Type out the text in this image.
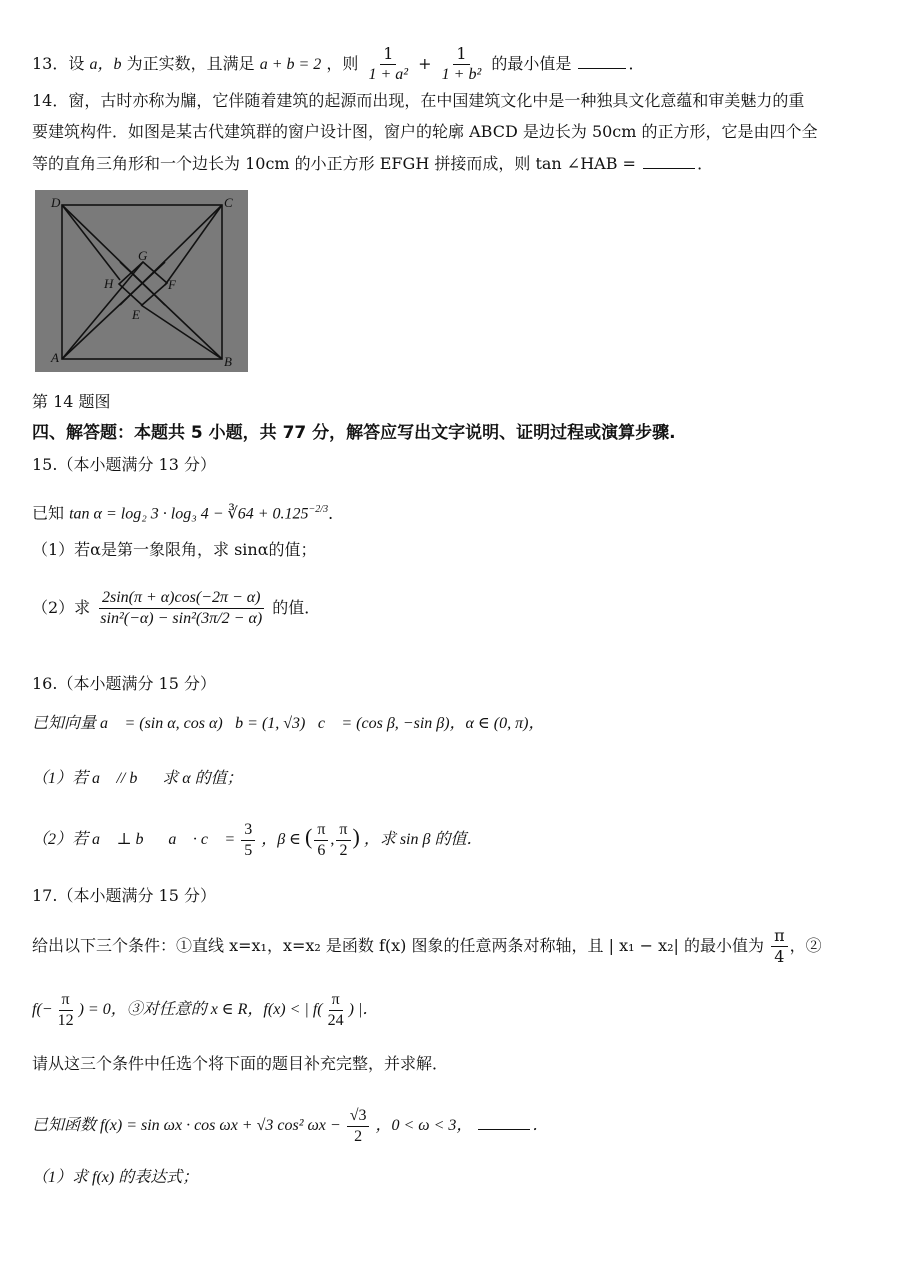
13．设 a，b 为正实数，且满足 a + b = 2 ，则 $\frac{1}{\text{1 + a²}} + \frac{1}{\text{1 + b²}}$ 的最小值是	．
14．窗，古时亦称为牖，它伴随着建筑的起源而出现，在中国建筑文化中是一种独具文化意蕴和审美魅力的重
要建筑构件．如图是某古代建筑群的窗户设计图，窗户的轮廓 ABCD 是边长为 50cm 的正方形，它是由四个全
等的直角三角形和一个边长为 10cm 的小正方形 EFGH 拼接而成，则 tan ∠HAB =	．
D	C
A	B
G
F
H
E
第 14 题图
四、解答题：本题共 5 小题，共 77 分，解答应写出文字说明、证明过程或演算步骤.
15.（本小题满分 13 分）
已知 tan α = log₂ 3 · log₃ 4 − ∛64 + $0.125^{-2/3}$．
（1）若α是第一象限角，求 sinα的值；
（2）求 $\frac{2\sin(\pi + \alpha)\cos(-2\pi - \alpha)}{\text{sin²(−α) − sin²(3π/2 − α)}}$ 的值．
16.（本小题满分 15 分）
已知向量 a⃗ = (sin α, cos α)，b = (1, √3)，c⃗ = (cos β, −sin β)，α ∈ (0, π)，
（1）若 a⃗ // b⃗，求 α 的值；
（2）若 a⃗ ⊥ b⃗，a⃗ · c⃗ = $\frac{3}{5}$ ，β ∈ ( $\frac{\pi}{6}$ , $\frac{\pi}{2}$ ) ，求 sin β 的值．
17.（本小题满分 15 分）
给出以下三个条件：①直线 x=x₁，x=x₂ 是函数 f(x) 图象的任意两条对称轴，且 | x₁ − x₂| 的最小值为 $\frac{\pi}{4}$ ，②
$f(- \frac{\pi}{12}$ ) = 0，③对任意的 x ∈ R，f(x) < | $f( \frac{\pi}{24}$ ) |．
请从这三个条件中任选个将下面的题目补充完整，并求解．
已知函数 f(x) = sin ωx · cos ωx + √3 cos² $\omega x - \frac{√3}{2}$ ，0 < ω < 3，	．
（1）求 f(x) 的表达式；
